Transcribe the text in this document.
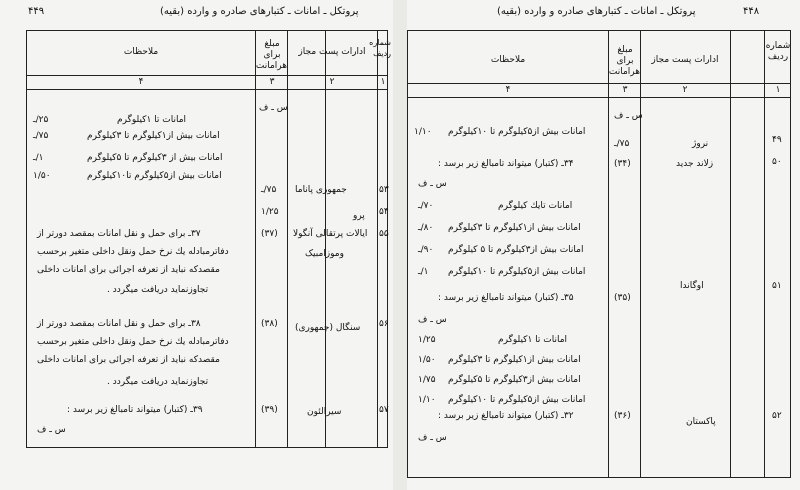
۴۴۹	پروتکل ـ امانات ـ کتبارهای صادره و وارده (بقیه)
شماره ردیف
ادارات پست مجاز
مبلغ برای هرامانت
ملاحظات
۱
۲
۳
۴
س ـ ف
امانات تا ۱کیلوگرم
۲۵/ـ
امانات بیش از۱کیلوگرم تا ۳کیلوگرم
۷۵/ـ
امانات بیش از ۳کیلوگرم تا ۵کیلوگرم
۱/ـ
امانات بیش از۵کیلوگرم تا۱۰کیلوگرم
۱/۵۰
۵۳
جمهوری پاناما
۷۵/ـ
۵۴
پرو
۱/۲۵
۵۵
ایالات پرتقالی آنگولا
وموزامبیک
(۳۷)
۳۷ـ برای حمل و نقل امانات بمقصد دورتر از
دفاترمبادله یك نرخ حمل ونقل داخلی متغیر برحسب
مقصدکه نباید از تعرفه اجرائی برای امانات داخلی
تجاوزنماید دریافت میگردد .
۵۶
سنگال (جمهوری)
(۳۸)
۳۸ـ برای حمل و نقل امانات بمقصد دورتر از
دفاترمبادله یك نرخ حمل ونقل داخلی متغیر برحسب
مقصدکه نباید از تعرفه اجرائی برای امانات داخلی
تجاوزنماید دریافت میگردد .
۵۷
سیرالئون
(۳۹)
۳۹ـ (کتبار) میتواند تامبالغ زیر برسد :
س ـ ف
۴۴۸
پروتکل ـ امانات ـ کتبارهای صادره و وارده (بقیه)
شماره ردیف
ادارات پست مجاز
مبلغ برای هرامانت
ملاحظات
۱
۲
۳
۴
س ـ ف
۴۹
نروژ
۷۵/ـ
امانات بیش از۵کیلوگرم تا ۱۰کیلوگرم
۱/۱۰
۵۰
زلاند جدید
(۳۴)
۳۴ـ (کتبار) میتواند تامبالغ زیر برسد :
س ـ ف
امانات تایك کیلوگرم
۷۰/ـ
امانات بیش از۱کیلوگرم تا ۳کیلوگرم
۸۰/ـ
امانات بیش از۳کیلوگرم تا ۵ کیلوگرم
۹۰/ـ
امانات بیش از۵کیلوگرم تا ۱۰کیلوگرم
۱/ـ
۵۱
اوگاندا
(۳۵)
۳۵ـ (کتبار) میتواند تامبالغ زیر برسد :
س ـ ف
امانات تا ۱کیلوگرم
۱/۲۵
امانات بیش از۱کیلوگرم تا ۳کیلوگرم
۱/۵۰
امانات بیش از۳کیلوگرم تا ۵کیلوگرم
۱/۷۵
امانات بیش از۵کیلوگرم تا ۱۰کیلوگرم
۱/۱۰
۵۲
پاکستان
(۳۶)
۳۲ـ (کتبار) میتواند تامبالغ زیر برسد :
س ـ ف
